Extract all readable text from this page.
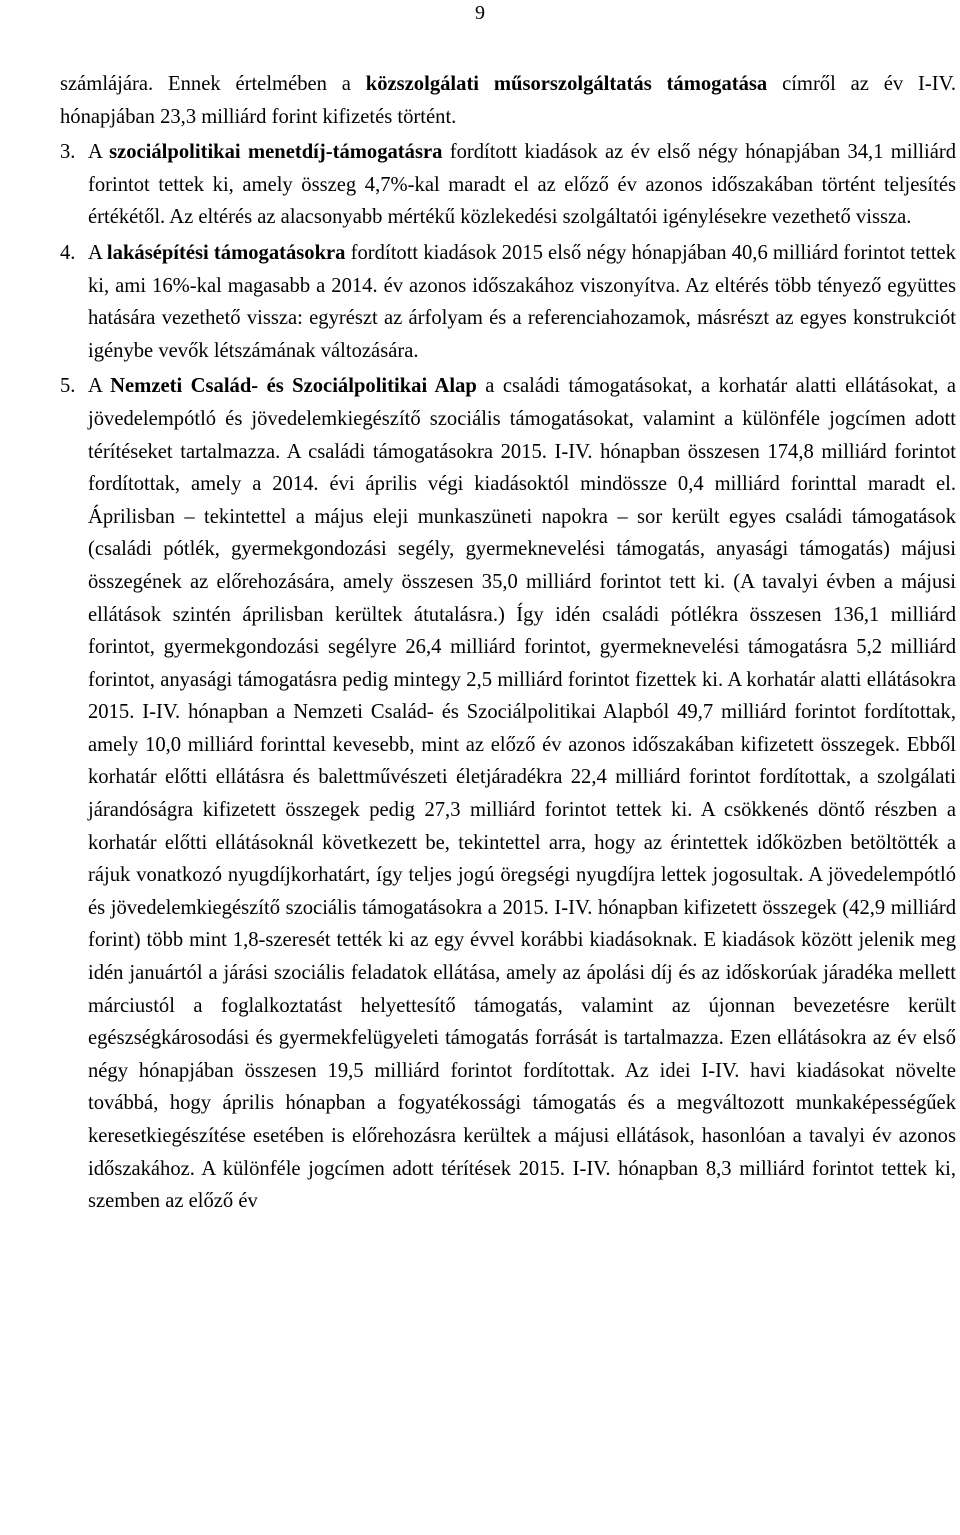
9

számlájára. Ennek értelmében a közszolgálati műsorszolgáltatás támogatása címről az év I-IV. hónapjában 23,3 milliárd forint kifizetés történt.

3. A szociálpolitikai menetdíj-támogatásra fordított kiadások az év első négy hónapjában 34,1 milliárd forintot tettek ki, amely összeg 4,7%-kal maradt el az előző év azonos időszakában történt teljesítés értékétől. Az eltérés az alacsonyabb mértékű közlekedési szolgáltatói igénylésekre vezethető vissza.

4. A lakásépítési támogatásokra fordított kiadások 2015 első négy hónapjában 40,6 milliárd forintot tettek ki, ami 16%-kal magasabb a 2014. év azonos időszakához viszonyítva. Az eltérés több tényező együttes hatására vezethető vissza: egyrészt az árfolyam és a referenciahozamok, másrészt az egyes konstrukciót igénybe vevők létszámának változására.

5. A Nemzeti Család- és Szociálpolitikai Alap a családi támogatásokat, a korhatár alatti ellátásokat, a jövedelempótló és jövedelemkiegészítő szociális támogatásokat, valamint a különféle jogcímen adott térítéseket tartalmazza. A családi támogatásokra 2015. I-IV. hónapban összesen 174,8 milliárd forintot fordítottak, amely a 2014. évi április végi kiadásoktól mindössze 0,4 milliárd forinttal maradt el. Áprilisban – tekintettel a május eleji munkaszüneti napokra – sor került egyes családi támogatások (családi pótlék, gyermekgondozási segély, gyermeknevelési támogatás, anyasági támogatás) májusi összegének az előrehozására, amely összesen 35,0 milliárd forintot tett ki. (A tavalyi évben a májusi ellátások szintén áprilisban kerültek átutalásra.) Így idén családi pótlékra összesen 136,1 milliárd forintot, gyermekgondozási segélyre 26,4 milliárd forintot, gyermeknevelési támogatásra 5,2 milliárd forintot, anyasági támogatásra pedig mintegy 2,5 milliárd forintot fizettek ki. A korhatár alatti ellátásokra 2015. I-IV. hónapban a Nemzeti Család- és Szociálpolitikai Alapból 49,7 milliárd forintot fordítottak, amely 10,0 milliárd forinttal kevesebb, mint az előző év azonos időszakában kifizetett összegek. Ebből korhatár előtti ellátásra és balettművészeti életjáradékra 22,4 milliárd forintot fordítottak, a szolgálati járandóságra kifizetett összegek pedig 27,3 milliárd forintot tettek ki. A csökkenés döntő részben a korhatár előtti ellátásoknál következett be, tekintettel arra, hogy az érintettek időközben betöltötték a rájuk vonatkozó nyugdíjkorhatárt, így teljes jogú öregségi nyugdíjra lettek jogosultak. A jövedelempótló és jövedelemkiegészítő szociális támogatásokra a 2015. I-IV. hónapban kifizetett összegek (42,9 milliárd forint) több mint 1,8-szeresét tették ki az egy évvel korábbi kiadásoknak. E kiadások között jelenik meg idén januártól a járási szociális feladatok ellátása, amely az ápolási díj és az időskorúak járadéka mellett márciustól a foglalkoztatást helyettesítő támogatás, valamint az újonnan bevezetésre került egészségkárosodási és gyermekfelügyeleti támogatás forrását is tartalmazza. Ezen ellátásokra az év első négy hónapjában összesen 19,5 milliárd forintot fordítottak. Az idei I-IV. havi kiadásokat növelte továbbá, hogy április hónapban a fogyatékossági támogatás és a megváltozott munkaképességűek keresetkiegészítése esetében is előrehozásra kerültek a májusi ellátások, hasonlóan a tavalyi év azonos időszakához. A különféle jogcímen adott térítések 2015. I-IV. hónapban 8,3 milliárd forintot tettek ki, szemben az előző év
